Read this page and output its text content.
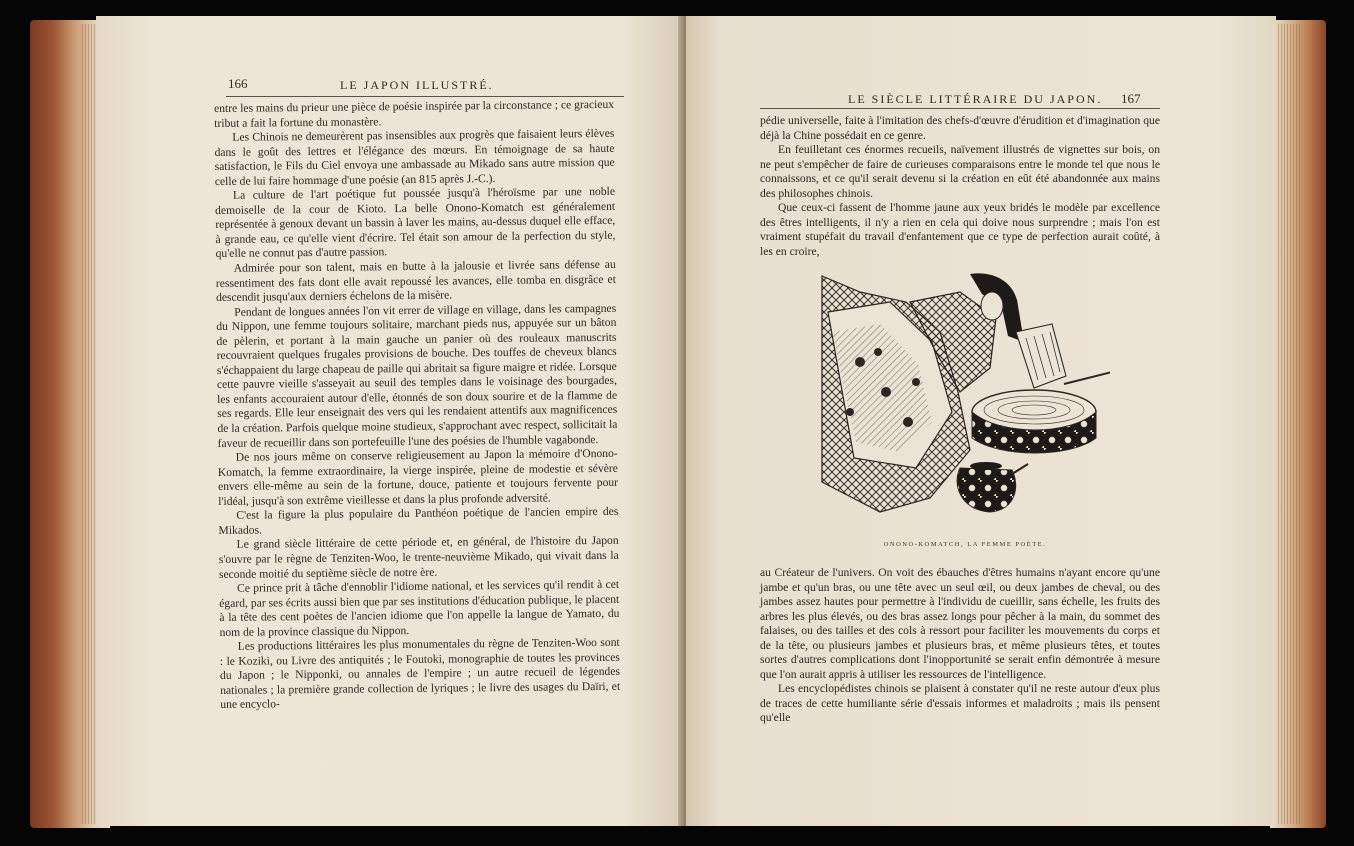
166	LE JAPON ILLUSTRÉ.

entre les mains du prieur une pièce de poésie inspirée par la circonstance ; ce gracieux tribut a fait la fortune du monastère.

Les Chinois ne demeurèrent pas insensibles aux progrès que faisaient leurs élèves dans le goût des lettres et l'élégance des mœurs. En témoignage de sa haute satisfaction, le Fils du Ciel envoya une ambassade au Mikado sans autre mission que celle de lui faire hommage d'une poésie (an 815 après J.-C.).

La culture de l'art poétique fut poussée jusqu'à l'héroïsme par une noble demoiselle de la cour de Kioto. La belle Onono-Komatch est généralement représentée à genoux devant un bassin à laver les mains, au-dessus duquel elle efface, à grande eau, ce qu'elle vient d'écrire. Tel était son amour de la perfection du style, qu'elle ne connut pas d'autre passion.

Admirée pour son talent, mais en butte à la jalousie et livrée sans défense au ressentiment des fats dont elle avait repoussé les avances, elle tomba en disgrâce et descendit jusqu'aux derniers échelons de la misère.

Pendant de longues années l'on vit errer de village en village, dans les campagnes du Nippon, une femme toujours solitaire, marchant pieds nus, appuyée sur un bâton de pèlerin, et portant à la main gauche un panier où des rouleaux manuscrits recouvraient quelques frugales provisions de bouche. Des touffes de cheveux blancs s'échappaient du large chapeau de paille qui abritait sa figure maigre et ridée. Lorsque cette pauvre vieille s'asseyait au seuil des temples dans le voisinage des bourgades, les enfants accouraient autour d'elle, étonnés de son doux sourire et de la flamme de ses regards. Elle leur enseignait des vers qui les rendaient attentifs aux magnificences de la création. Parfois quelque moine studieux, s'approchant avec respect, sollicitait la faveur de recueillir dans son portefeuille l'une des poésies de l'humble vagabonde.

De nos jours même on conserve religieusement au Japon la mémoire d'Onono-Komatch, la femme extraordinaire, la vierge inspirée, pleine de modestie et sévère envers elle-même au sein de la fortune, douce, patiente et toujours fervente pour l'idéal, jusqu'à son extrême vieillesse et dans la plus profonde adversité.

C'est la figure la plus populaire du Panthéon poétique de l'ancien empire des Mikados.

Le grand siècle littéraire de cette période et, en général, de l'histoire du Japon s'ouvre par le règne de Tenziten-Woo, le trente-neuvième Mikado, qui vivait dans la seconde moitié du septième siècle de notre ère.

Ce prince prit à tâche d'ennoblir l'idiome national, et les services qu'il rendit à cet égard, par ses écrits aussi bien que par ses institutions d'éducation publique, le placent à la tête des cent poètes de l'ancien idiome que l'on appelle la langue de Yamato, du nom de la province classique du Nippon.

Les productions littéraires les plus monumentales du règne de Tenziten-Woo sont : le Koziki, ou Livre des antiquités ; le Foutoki, monographie de toutes les provinces du Japon ; le Nipponki, ou annales de l'empire ; un autre recueil de légendes nationales ; la première grande collection de lyriques ; le livre des usages du Daïri, et une encyclo-

LE SIÈCLE LITTÉRAIRE DU JAPON. 167

pédie universelle, faite à l'imitation des chefs-d'œuvre d'érudition et d'imagination que déjà la Chine possédait en ce genre.

En feuilletant ces énormes recueils, naïvement illustrés de vignettes sur bois, on ne peut s'empêcher de faire de curieuses comparaisons entre le monde tel que nous le connaissons, et ce qu'il serait devenu si la création en eût été abandonnée aux mains des philosophes chinois.

Que ceux-ci fassent de l'homme jaune aux yeux bridés le modèle par excellence des êtres intelligents, il n'y a rien en cela qui doive nous surprendre ; mais l'on est vraiment stupéfait du travail d'enfantement que ce type de perfection aurait coûté, à les en croire,

ONONO-KOMATCH, LA FEMME POÈTE.

au Créateur de l'univers. On voit des ébauches d'êtres humains n'ayant encore qu'une jambe et qu'un bras, ou une tête avec un seul œil, ou deux jambes de cheval, ou des jambes assez hautes pour permettre à l'individu de cueillir, sans échelle, les fruits des arbres les plus élevés, ou des bras assez longs pour pêcher à la main, du sommet des falaises, ou des tailles et des cols à ressort pour faciliter les mouvements du corps et de la tête, ou plusieurs jambes et plusieurs bras, et même plusieurs têtes, et toutes sortes d'autres complications dont l'inopportunité se serait enfin démontrée à mesure que l'on aurait appris à utiliser les ressources de l'intelligence.

Les encyclopédistes chinois se plaisent à constater qu'il ne reste autour d'eux plus de traces de cette humiliante série d'essais informes et maladroits ; mais ils pensent qu'elle
